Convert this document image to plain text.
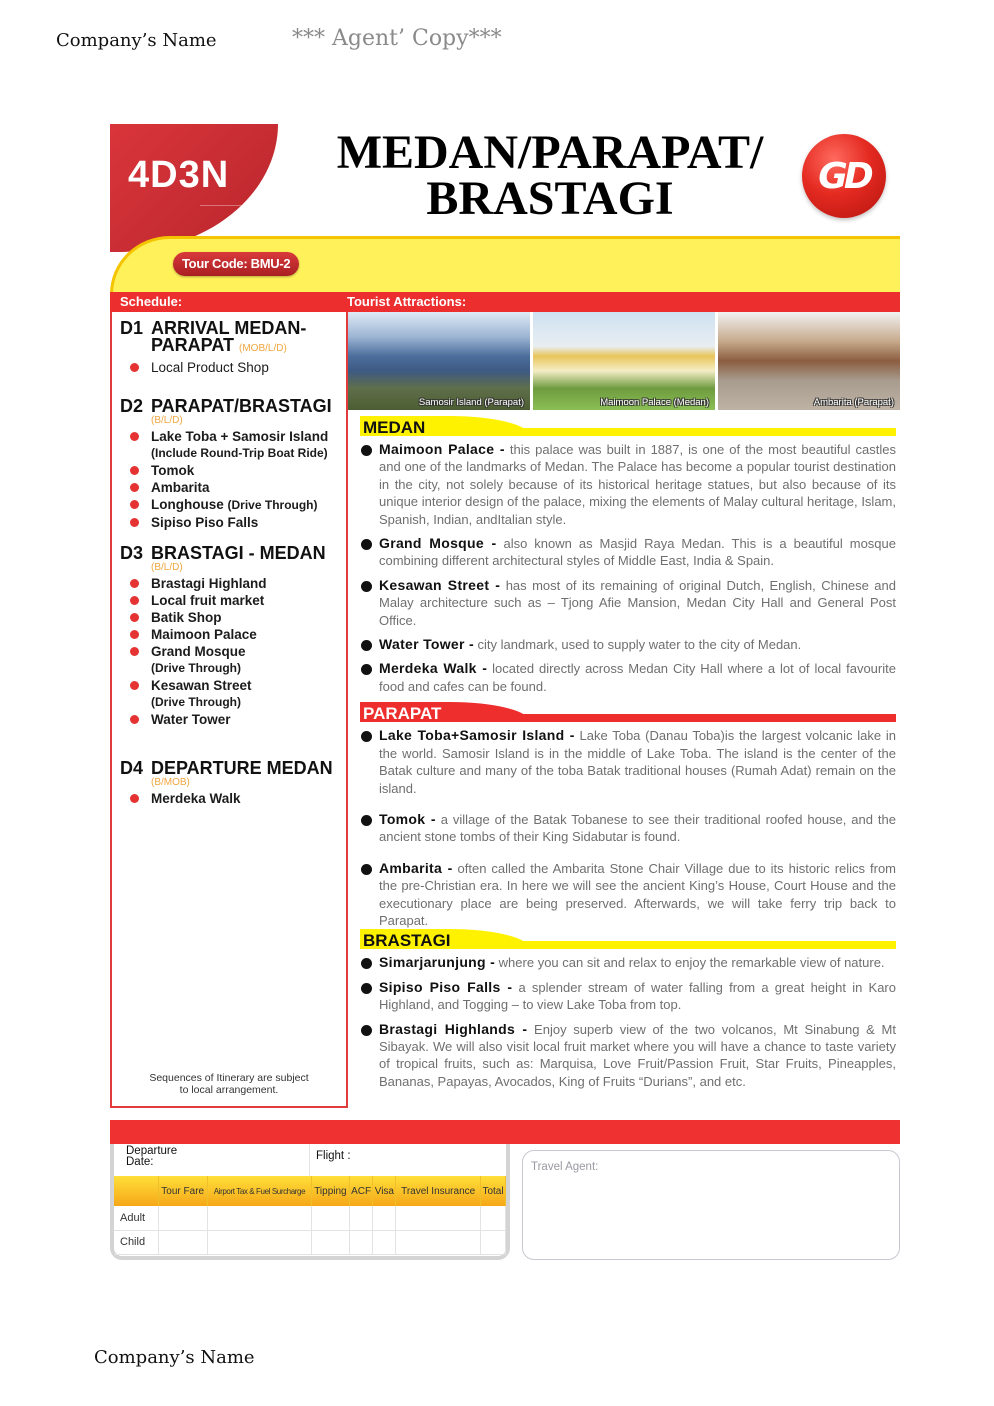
Company’s Name	*** Agent’ Copy***
4D3N	MEDAN/PARAPAT/
BRASTAGI	GD
Tour Code: BMU-2
Schedule:	Tourist Attractions:
D1 ARRIVAL MEDAN-
PARAPAT (MOB/L/D)
Local Product Shop
D2 PARAPAT/BRASTAGI
(B/L/D)
Lake Toba + Samosir Island
(Include Round-Trip Boat Ride)
Tomok
Ambarita
Longhouse (Drive Through)
Sipiso Piso Falls
D3 BRASTAGI - MEDAN
(B/L/D)
Brastagi Highland
Local fruit market
Batik Shop
Maimoon Palace
Grand Mosque
(Drive Through)
Kesawan Street
(Drive Through)
Water Tower
D4 DEPARTURE MEDAN
(B/MOB)
Merdeka Walk
Sequences of Itinerary are subject
to local arrangement.
Samosir Island (Parapat)	Maimoon Palace (Medan)	Ambarita (Parapat)
MEDAN
Maimoon Palace - this palace was built in 1887, is one of the most beautiful castles and one of the landmarks of Medan. The Palace has become a popular tourist destination in the city, not solely because of its historical heritage statues, but also because of its unique interior design of the palace, mixing the elements of Malay cultural heritage, Islam, Spanish, Indian, andItalian style.
Grand Mosque - also known as Masjid Raya Medan. This is a beautiful mosque combining different architectural styles of Middle East, India & Spain.
Kesawan Street - has most of its remaining of original Dutch, English, Chinese and Malay architecture such as – Tjong Afie Mansion, Medan City Hall and General Post Office.
Water Tower - city landmark, used to supply water to the city of Medan.
Merdeka Walk - located directly across Medan City Hall where a lot of local favourite food and cafes can be found.
PARAPAT
Lake Toba+Samosir Island - Lake Toba (Danau Toba)is the largest volcanic lake in the world. Samosir Island is in the middle of Lake Toba. The island is the center of the Batak culture and many of the toba Batak traditional houses (Rumah Adat) remain on the island.
Tomok - a village of the Batak Tobanese to see their traditional roofed house, and the ancient stone tombs of their King Sidabutar is found.
Ambarita - often called the Ambarita Stone Chair Village due to its historic relics from the pre-Christian era. In here we will see the ancient King’s House, Court House and the executionary place are being preserved. Afterwards, we will take ferry trip back to Parapat.
BRASTAGI
Simarjarunjung - where you can sit and relax to enjoy the remarkable view of nature.
Sipiso Piso Falls - a splender stream of water falling from a great height in Karo Highland, and Togging – to view Lake Toba from top.
Brastagi Highlands - Enjoy superb view of the two volcanos, Mt Sinabung & Mt Sibayak. We will also visit local fruit market where you will have a chance to taste variety of tropical fruits, such as: Marquisa, Love Fruit/Passion Fruit, Star Fruits, Pineapples, Bananas, Papayas, Avocados, King of Fruits “Durians”, and etc.
Departure
Date:	Flight :
	Tour Fare	Airport Tax & Fuel Surcharge	Tipping	ACF	Visa	Travel Insurance	Total
Adult							
Child							
Travel Agent:
Company’s Name
